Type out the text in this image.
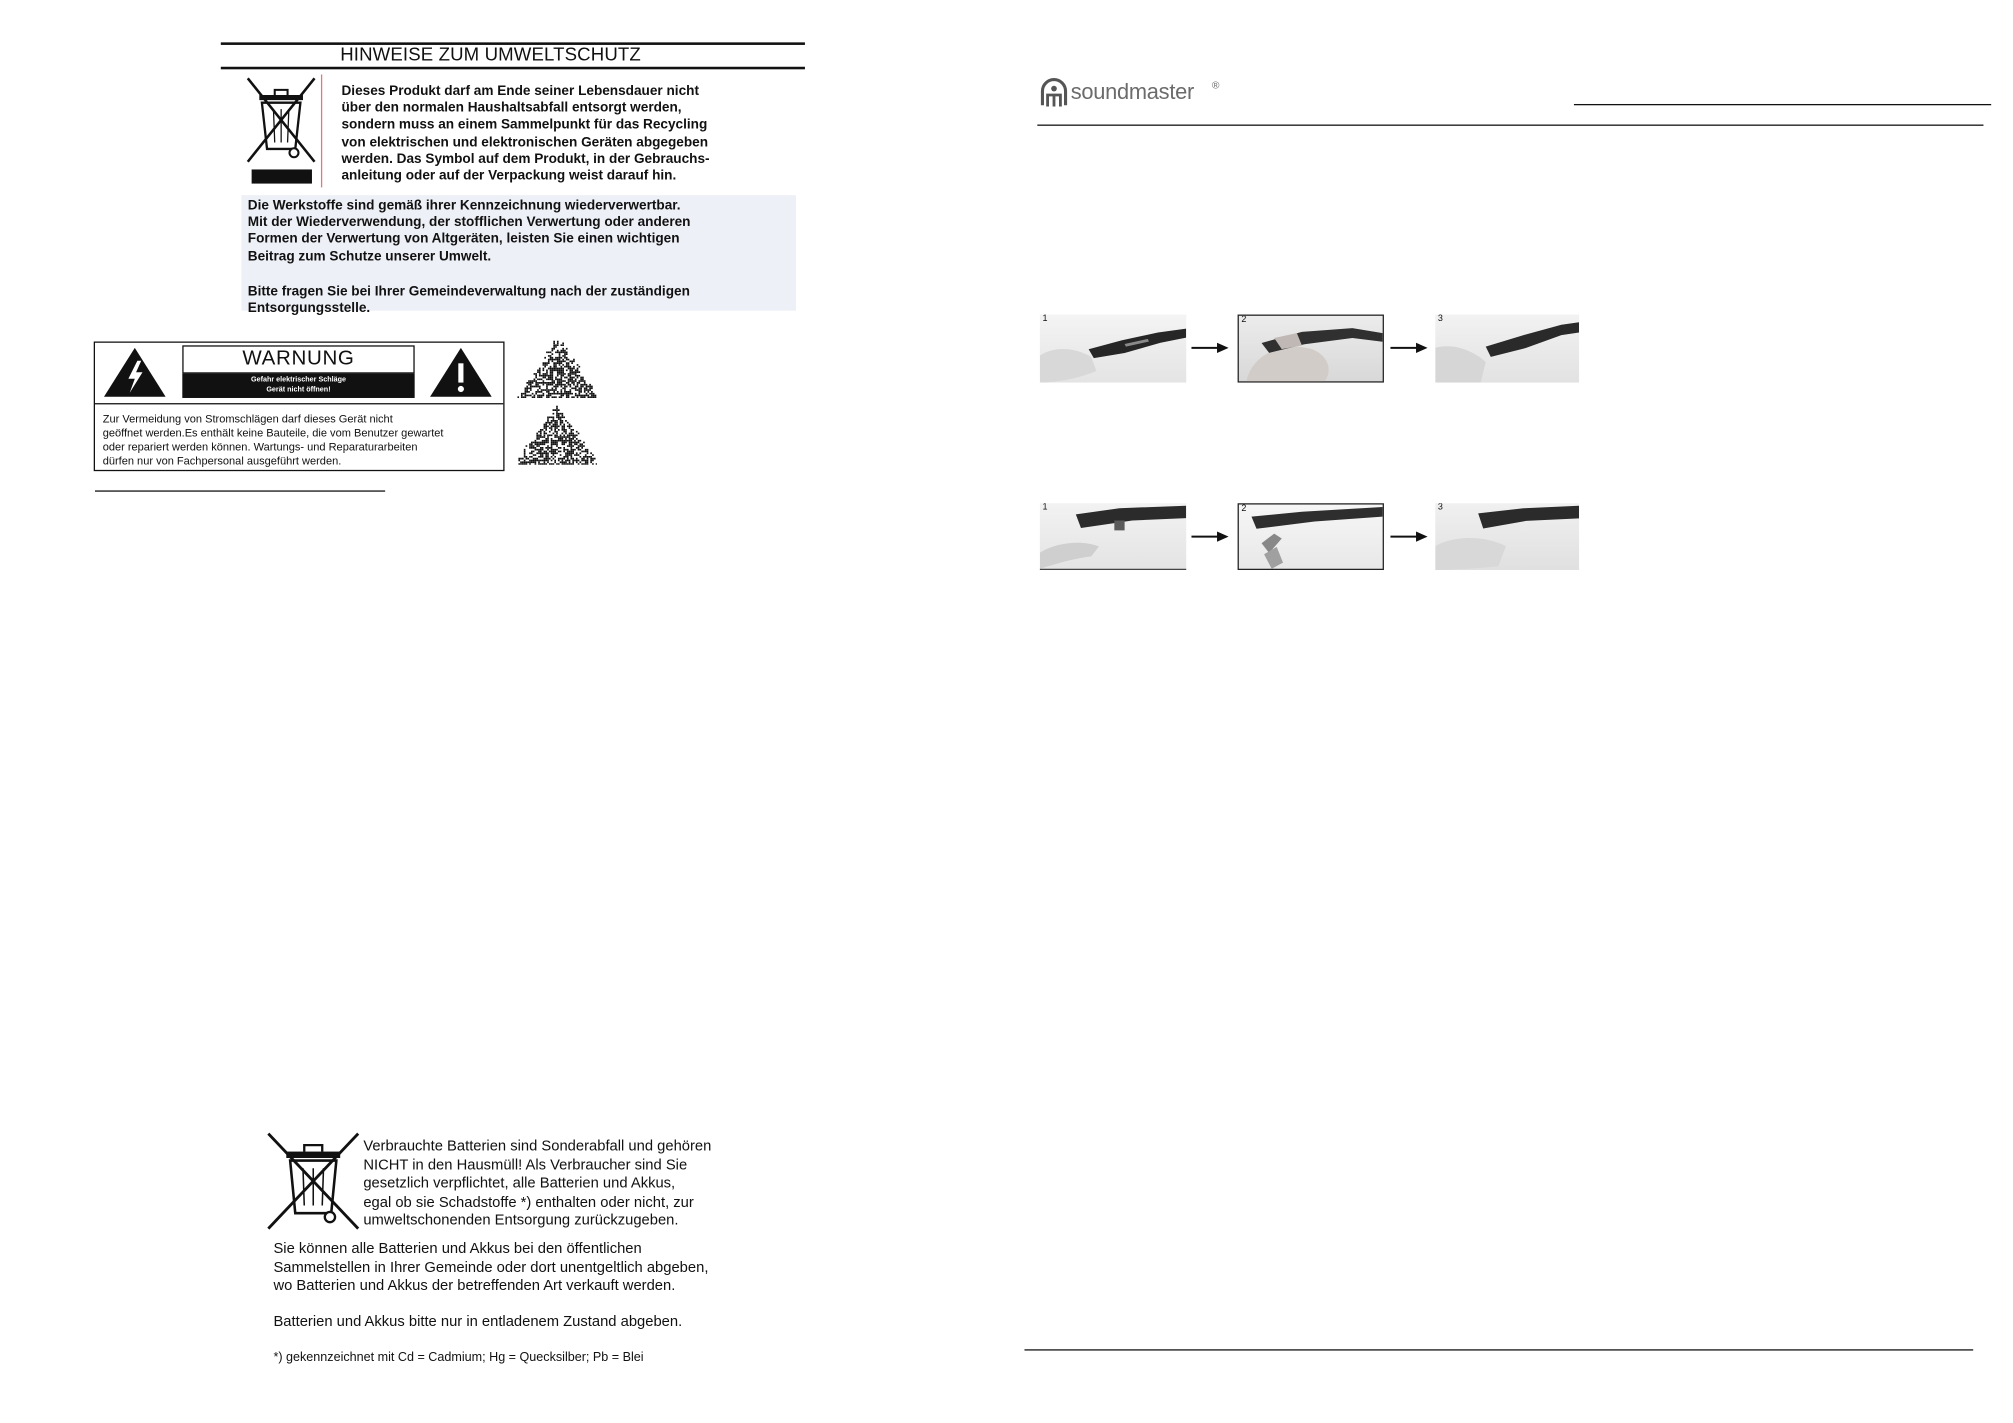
HINWEISE ZUM UMWELTSCHUTZ
Dieses Produkt darf am Ende seiner Lebensdauer nicht
über den normalen Haushaltsabfall entsorgt werden,
sondern muss an einem Sammelpunkt für das Recycling
von elektrischen und elektronischen Geräten abgegeben
werden. Das Symbol auf dem Produkt, in der Gebrauchs-
anleitung oder auf der Verpackung weist darauf hin.
Die Werkstoffe sind gemäß ihrer Kennzeichnung wiederverwertbar.
Mit der Wiederverwendung, der stofflichen Verwertung oder anderen
Formen der Verwertung von Altgeräten, leisten Sie einen wichtigen
Beitrag zum Schutze unserer Umwelt.
Bitte fragen Sie bei Ihrer Gemeindeverwaltung nach der zuständigen
Entsorgungsstelle.
WARNUNG
Gefahr elektrischer Schläge
Gerät nicht öffnen!
Zur Vermeidung von Stromschlägen darf dieses Gerät nicht
geöffnet werden.Es enthält keine Bauteile, die vom Benutzer gewartet
oder repariert werden können. Wartungs- und Reparaturarbeiten
dürfen nur von Fachpersonal ausgeführt werden.
Verbrauchte Batterien sind Sonderabfall und gehören
NICHT in den Hausmüll! Als Verbraucher sind Sie
gesetzlich verpflichtet, alle Batterien und Akkus,
egal ob sie Schadstoffe *) enthalten oder nicht, zur
umweltschonenden Entsorgung zurückzugeben.
Sie können alle Batterien und Akkus bei den öffentlichen
Sammelstellen in Ihrer Gemeinde oder dort unentgeltlich abgeben,
wo Batterien und Akkus der betreffenden Art verkauft werden.
Batterien und Akkus bitte nur in entladenem Zustand abgeben.
*) gekennzeichnet mit Cd = Cadmium; Hg = Quecksilber; Pb = Blei
soundmaster ®
1	2	3
1	2	3
